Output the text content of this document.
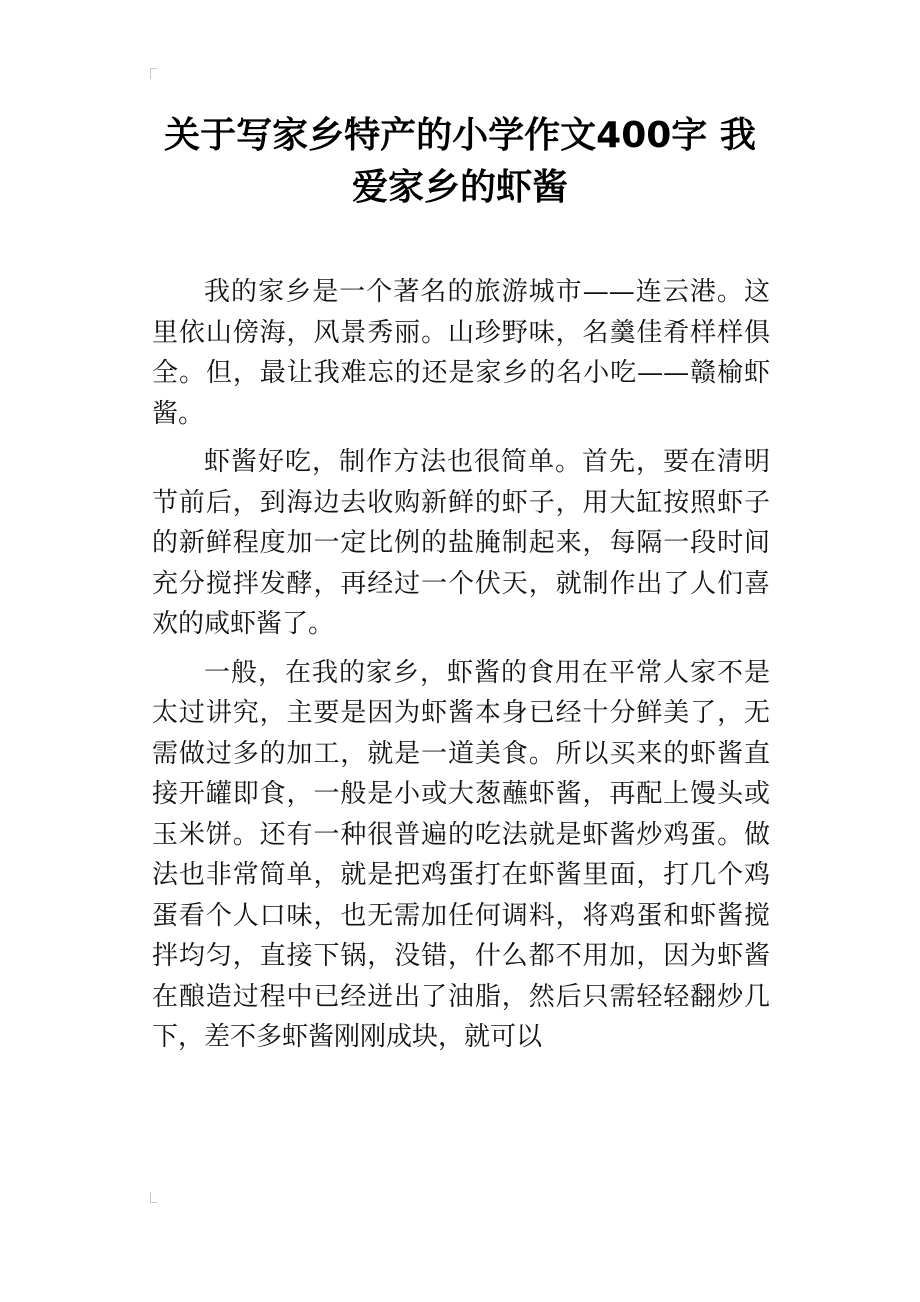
关于写家乡特产的小学作文400字 我爱家乡的虾酱

我的家乡是一个著名的旅游城市——连云港。这里依山傍海，风景秀丽。山珍野味，名羹佳肴样样俱全。但，最让我难忘的还是家乡的名小吃——赣榆虾酱。

虾酱好吃，制作方法也很简单。首先，要在清明节前后，到海边去收购新鲜的虾子，用大缸按照虾子的新鲜程度加一定比例的盐腌制起来，每隔一段时间充分搅拌发酵，再经过一个伏天，就制作出了人们喜欢的咸虾酱了。

一般，在我的家乡，虾酱的食用在平常人家不是太过讲究，主要是因为虾酱本身已经十分鲜美了，无需做过多的加工，就是一道美食。所以买来的虾酱直接开罐即食，一般是小或大葱蘸虾酱，再配上馒头或玉米饼。还有一种很普遍的吃法就是虾酱炒鸡蛋。做法也非常简单，就是把鸡蛋打在虾酱里面，打几个鸡蛋看个人口味，也无需加任何调料，将鸡蛋和虾酱搅拌均匀，直接下锅，没错，什么都不用加，因为虾酱在酿造过程中已经迸出了油脂，然后只需轻轻翻炒几下，差不多虾酱刚刚成块，就可以
